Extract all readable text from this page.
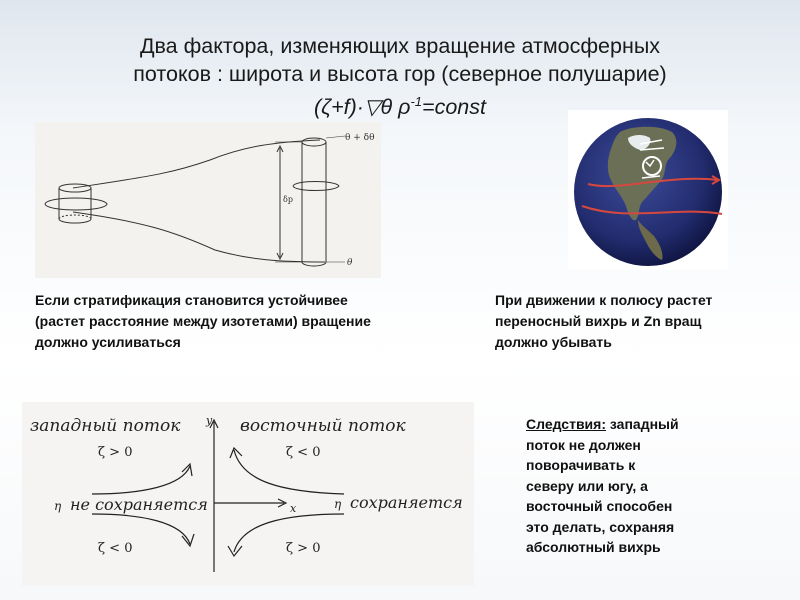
Два фактора, изменяющих вращение атмосферных
потоков : широта и высота гор (северное полушарие)
(ζ+f)·▽θ $\rho^{-1}=const$
θ + δθ
θ
δp
Если стратификация становится устойчивее
(растет расстояние между изотетами) вращение
должно усиливаться
При движении к полюсу растет
переносный вихрь и Zn вращ
должно убывать
западный поток	восточный поток
y
x
η не сохраняется	η сохраняется
ζ > 0	ζ < 0
ζ < 0	ζ > 0
Следствия: западный
поток не должен
поворачивать к
северу или югу, а
восточный способен
это делать, сохраняя
абсолютный вихрь
